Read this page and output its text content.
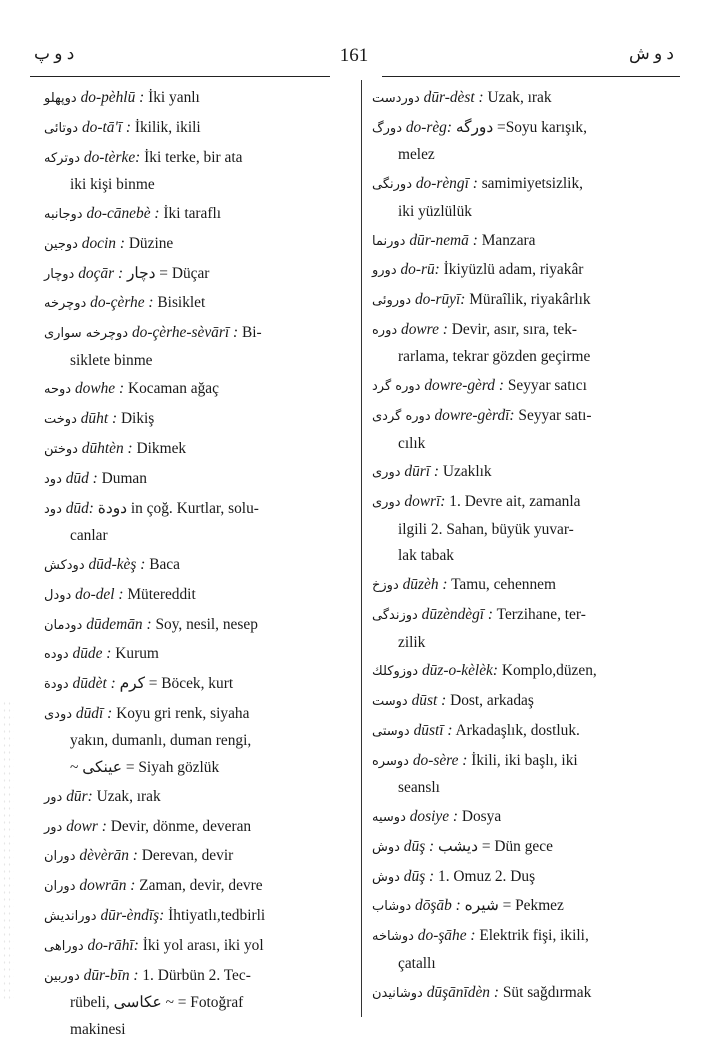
د و پ	161	د و ش
دوپهلو do-pèhlū : İki yanlı
دوتائى do-tā'ī : İkilik, ikili
دوترکه do-tèrke: İki terke, bir ata
iki kişi binme
دوجانبه do-cānebè : İki taraflı
دوجين docin : Düzine
دوچار doçār : دچار = Düçar
دوچرخه do-çèrhe : Bisiklet
دوچرخه سوارى do-çèrhe-sèvārī : Bi-
siklete binme
دوحه dowhe : Kocaman ağaç
دوخت dūht : Dikiş
دوختن dūhtèn : Dikmek
دود dūd : Duman
دود dūd: دودة in çoğ. Kurtlar, solu-
canlar
دودكش dūd-kèş : Baca
دودل do-del : Mütereddit
دودمان dūdemān : Soy, nesil, nesep
دوده dūde : Kurum
دودة dūdèt : كرم = Böcek, kurt
دودى dūdī : Koyu gri renk, siyaha
yakın, dumanlı, duman rengi,
~ عينكى = Siyah gözlük
دور dūr: Uzak, ırak
دور dowr : Devir, dönme, deveran
دوران dèvèrān : Derevan, devir
دوران dowrān : Zaman, devir, devre
دوراندیش dūr-èndīş: İhtiyatlı,tedbirli
دوراهى do-rāhī: İki yol arası, iki yol
دوربين dūr-bīn : 1. Dürbün 2. Tec-
rübeli, عكاسى ~ = Fotoğraf
makinesi
دوردست dūr-dèst : Uzak, ırak
دورگ do-règ: دورگه =Soyu karışık,
melez
دورنگى do-rèngī : samimiyetsizlik,
iki yüzlülük
دورنما dūr-nemā : Manzara
دورو do-rū: İkiyüzlü adam, riyakâr
دوروئى do-rūyī: Müraîlik, riyakârlık
دوره dowre : Devir, asır, sıra, tek-
rarlama, tekrar gözden geçirme
دوره گرد dowre-gèrd : Seyyar satıcı
دوره گردى dowre-gèrdī: Seyyar satı-
cılık
دورى dūrī : Uzaklık
دورى dowrī: 1. Devre ait, zamanla
ilgili 2. Sahan, büyük yuvar-
lak tabak
دوزخ dūzèh : Tamu, cehennem
دوزندگى dūzèndègī : Terzihane, ter-
zilik
دوزوكلك dūz-o-kèlèk: Komplo,düzen,
دوست dūst : Dost, arkadaş
دوستى dūstī : Arkadaşlık, dostluk.
دوسره do-sère : İkili, iki başlı, iki
seanslı
دوسيه dosiye : Dosya
دوش dūş : ديشب = Dün gece
دوش dūş : 1. Omuz 2. Duş
دوشاب dōşāb : شيره = Pekmez
دوشاخه do-şāhe : Elektrik fişi, ikili,
çatallı
دوشانيدن dūşānīdèn : Süt sağdırmak
